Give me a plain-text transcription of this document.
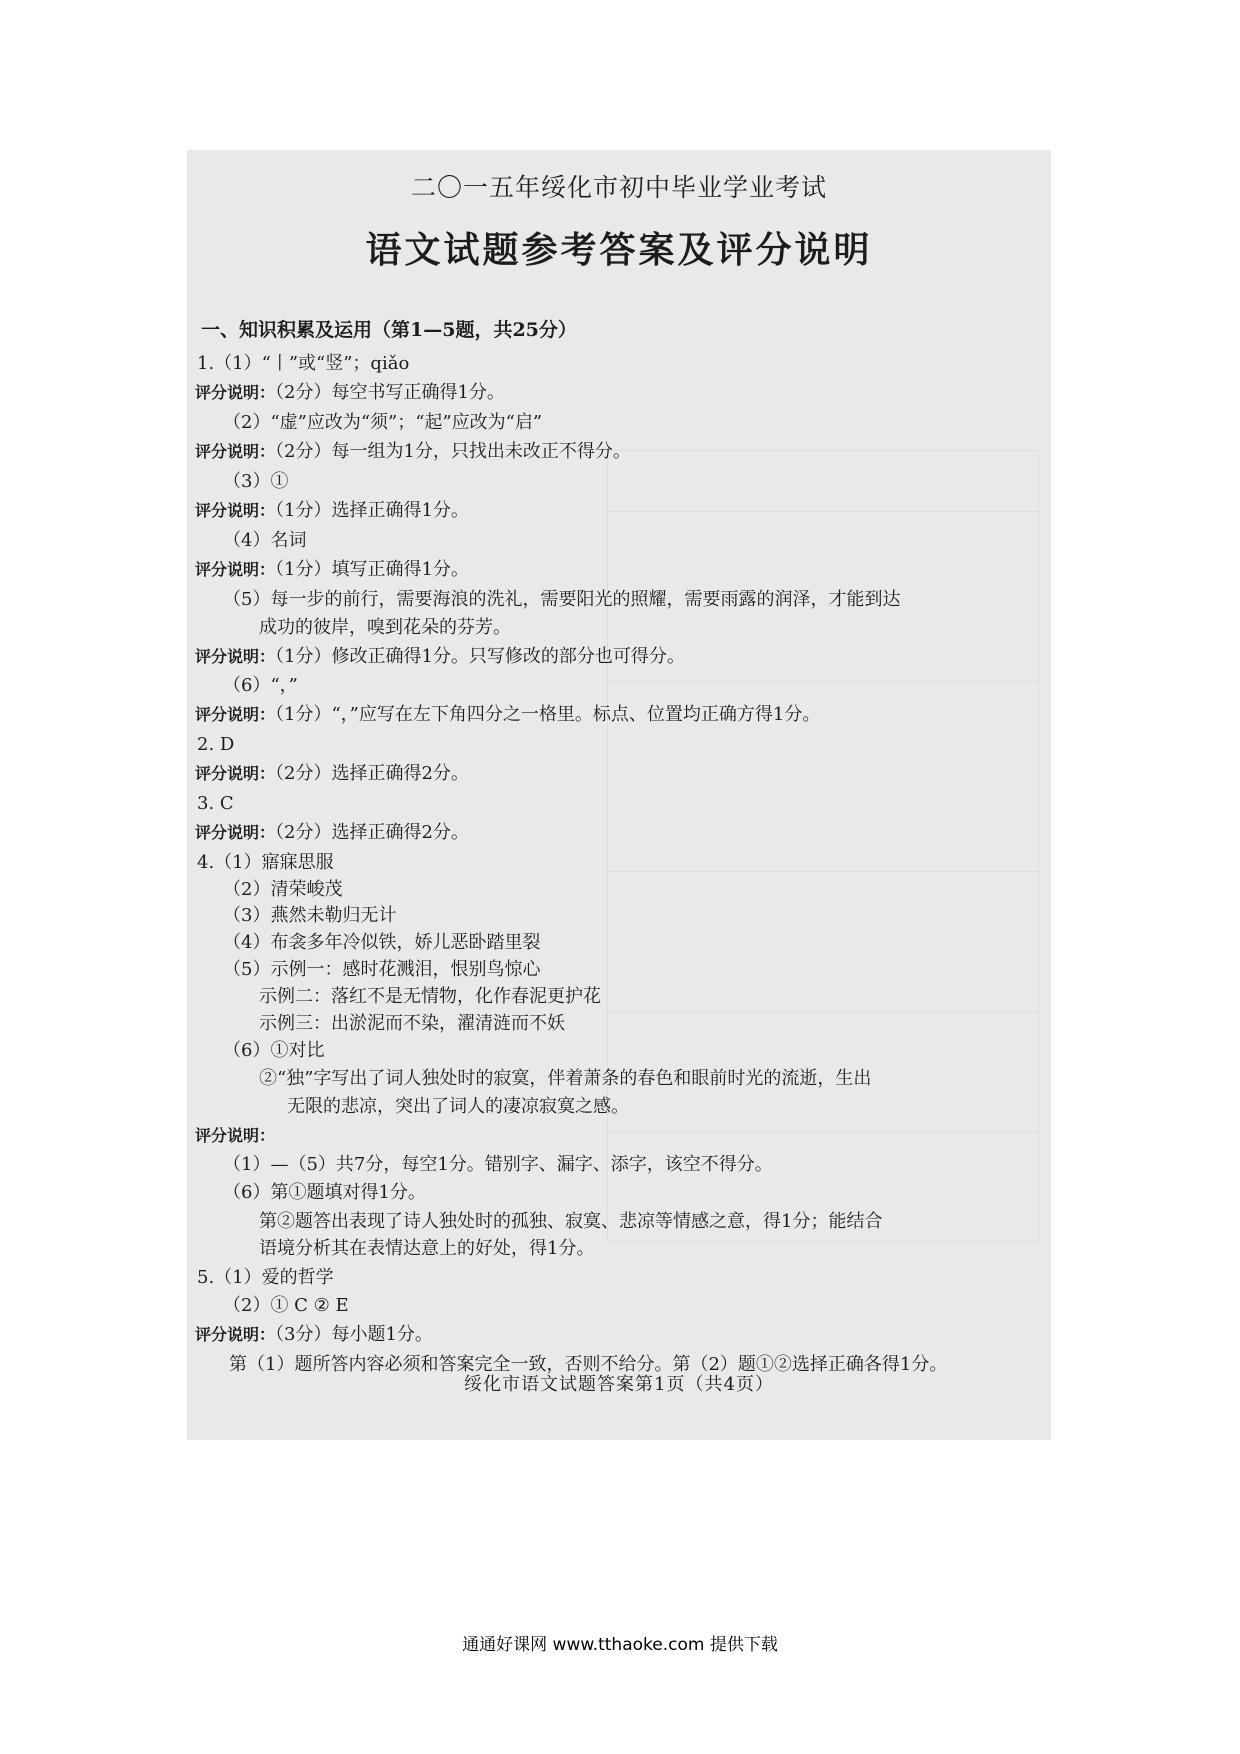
二〇一五年绥化市初中毕业学业考试
语文试题参考答案及评分说明
一、知识积累及运用（第1—5题，共25分）
1.（1）“丨”或“竖”；qiǎo
评分说明：（2分）每空书写正确得1分。
（2）“虚”应改为“须”；“起”应改为“启”
评分说明：（2分）每一组为1分，只找出未改正不得分。
（3）①
评分说明：（1分）选择正确得1分。
（4）名词
评分说明：（1分）填写正确得1分。
（5）每一步的前行，需要海浪的洗礼，需要阳光的照耀，需要雨露的润泽，才能到达
成功的彼岸，嗅到花朵的芬芳。
评分说明：（1分）修改正确得1分。只写修改的部分也可得分。
（6）“，”
评分说明：（1分）“，”应写在左下角四分之一格里。标点、位置均正确方得1分。
2. D
评分说明：（2分）选择正确得2分。
3. C
评分说明：（2分）选择正确得2分。
4.（1）寤寐思服
（2）清荣峻茂
（3）燕然未勒归无计
（4）布衾多年冷似铁，娇儿恶卧踏里裂
（5）示例一：感时花溅泪，恨别鸟惊心
示例二：落红不是无情物，化作春泥更护花
示例三：出淤泥而不染，濯清涟而不妖
（6）①对比
②“独”字写出了词人独处时的寂寞，伴着萧条的春色和眼前时光的流逝，生出
无限的悲凉，突出了词人的凄凉寂寞之感。
评分说明：
（1）—（5）共7分，每空1分。错别字、漏字、添字，该空不得分。
（6）第①题填对得1分。
第②题答出表现了诗人独处时的孤独、寂寞、悲凉等情感之意，得1分；能结合
语境分析其在表情达意上的好处，得1分。
5.（1）爱的哲学
（2）① C ② E
评分说明：（3分）每小题1分。
第（1）题所答内容必须和答案完全一致，否则不给分。第（2）题①②选择正确各得1分。
绥化市语文试题答案第1页（共4页）
通通好课网 www.tthaoke.com 提供下载
